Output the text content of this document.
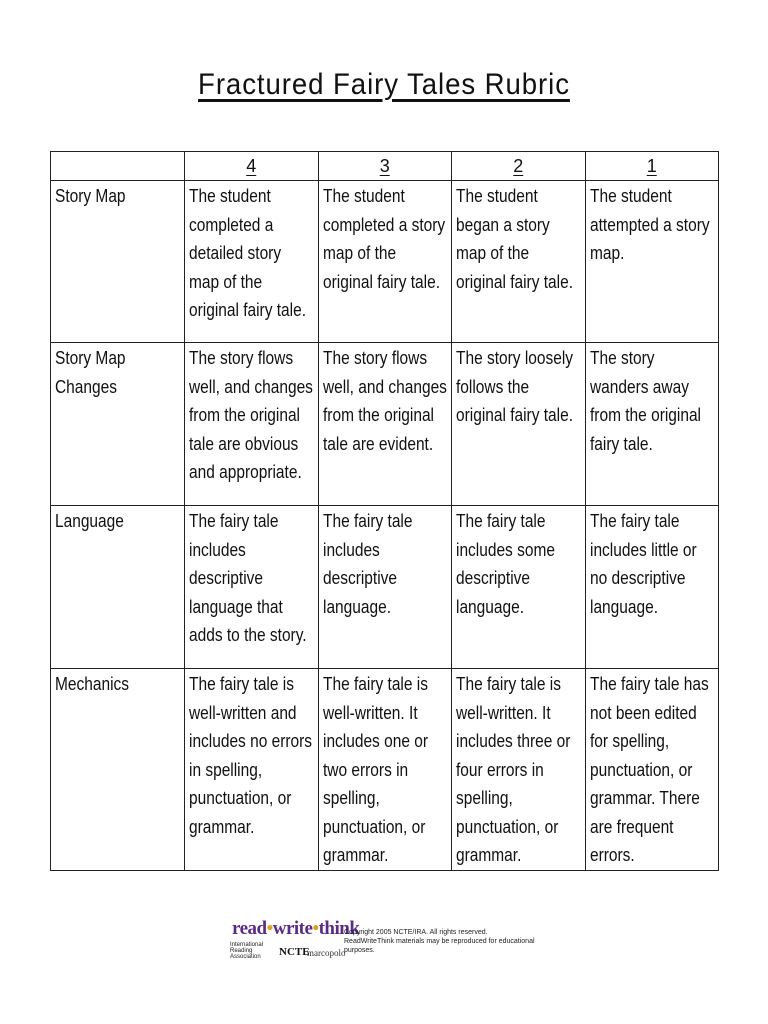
Fractured Fairy Tales Rubric
	4	3	2	1

Story Map	The student completed a detailed story map of the original fairy tale.	The student completed a story map of the original fairy tale.	The student began a story map of the original fairy tale.	The student attempted a story map.

Story Map Changes	The story flows well, and changes from the original tale are obvious and appropriate.	The story flows well, and changes from the original tale are evident.	The story loosely follows the original fairy tale.	The story wanders away from the original fairy tale.

Language	The fairy tale includes descriptive language that adds to the story.	The fairy tale includes descriptive language.	The fairy tale includes some descriptive language.	The fairy tale includes little or no descriptive language.

Mechanics	The fairy tale is well-written and includes no errors in spelling, punctuation, or grammar.	The fairy tale is well-written. It includes one or two errors in spelling, punctuation, or grammar.	The fairy tale is well-written. It includes three or four errors in spelling, punctuation, or grammar.	The fairy tale has not been edited for spelling, punctuation, or grammar. There are frequent errors.
read•write•think
International Reading Association	NCTE
marcopolo
Copyright 2005 NCTE/IRA. All rights reserved. ReadWriteThink materials may be reproduced for educational purposes.
